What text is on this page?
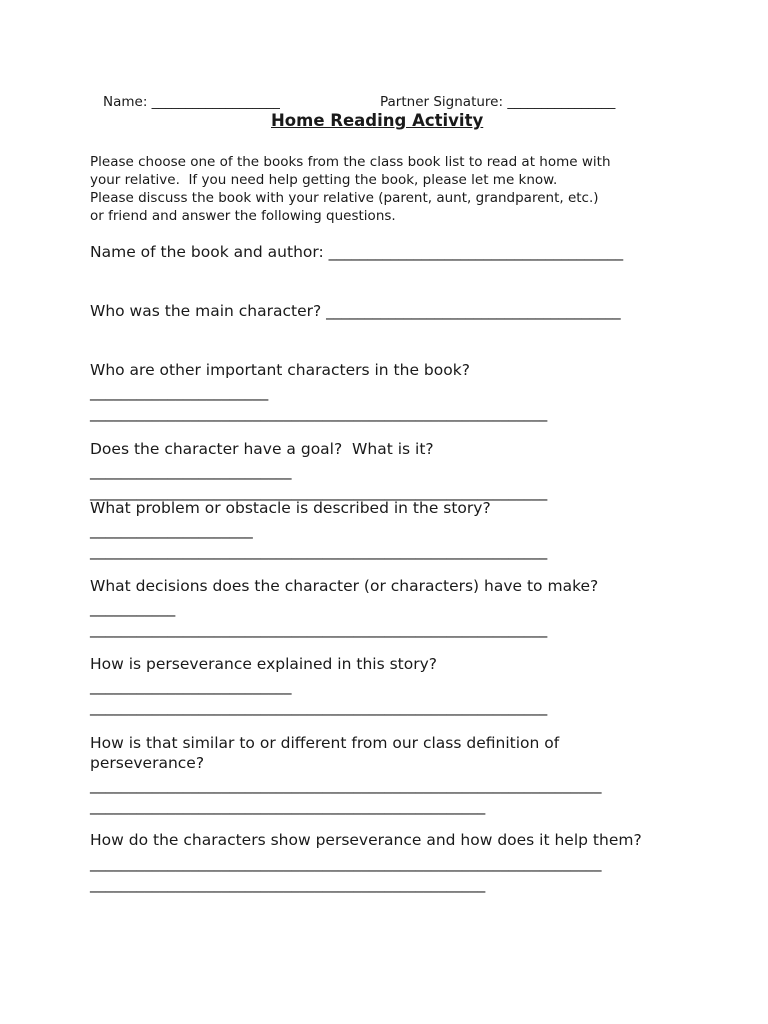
Name: ___________________	Partner Signature: ________________
Home Reading Activity
Please choose one of the books from the class book list to read at home with
your relative.  If you need help getting the book, please let me know.
Please discuss the book with your relative (parent, aunt, grandparent, etc.)
or friend and answer the following questions.
Name of the book and author: ______________________________________
Who was the main character? ______________________________________
Who are other important characters in the book?
_______________________
___________________________________________________________
Does the character have a goal?  What is it?
__________________________
___________________________________________________________
What problem or obstacle is described in the story?
_____________________
___________________________________________________________
What decisions does the character (or characters) have to make?
___________
___________________________________________________________
How is perseverance explained in this story?
__________________________
___________________________________________________________
How is that similar to or different from our class definition of
perseverance?
__________________________________________________________________
___________________________________________________
How do the characters show perseverance and how does it help them?
__________________________________________________________________
___________________________________________________
